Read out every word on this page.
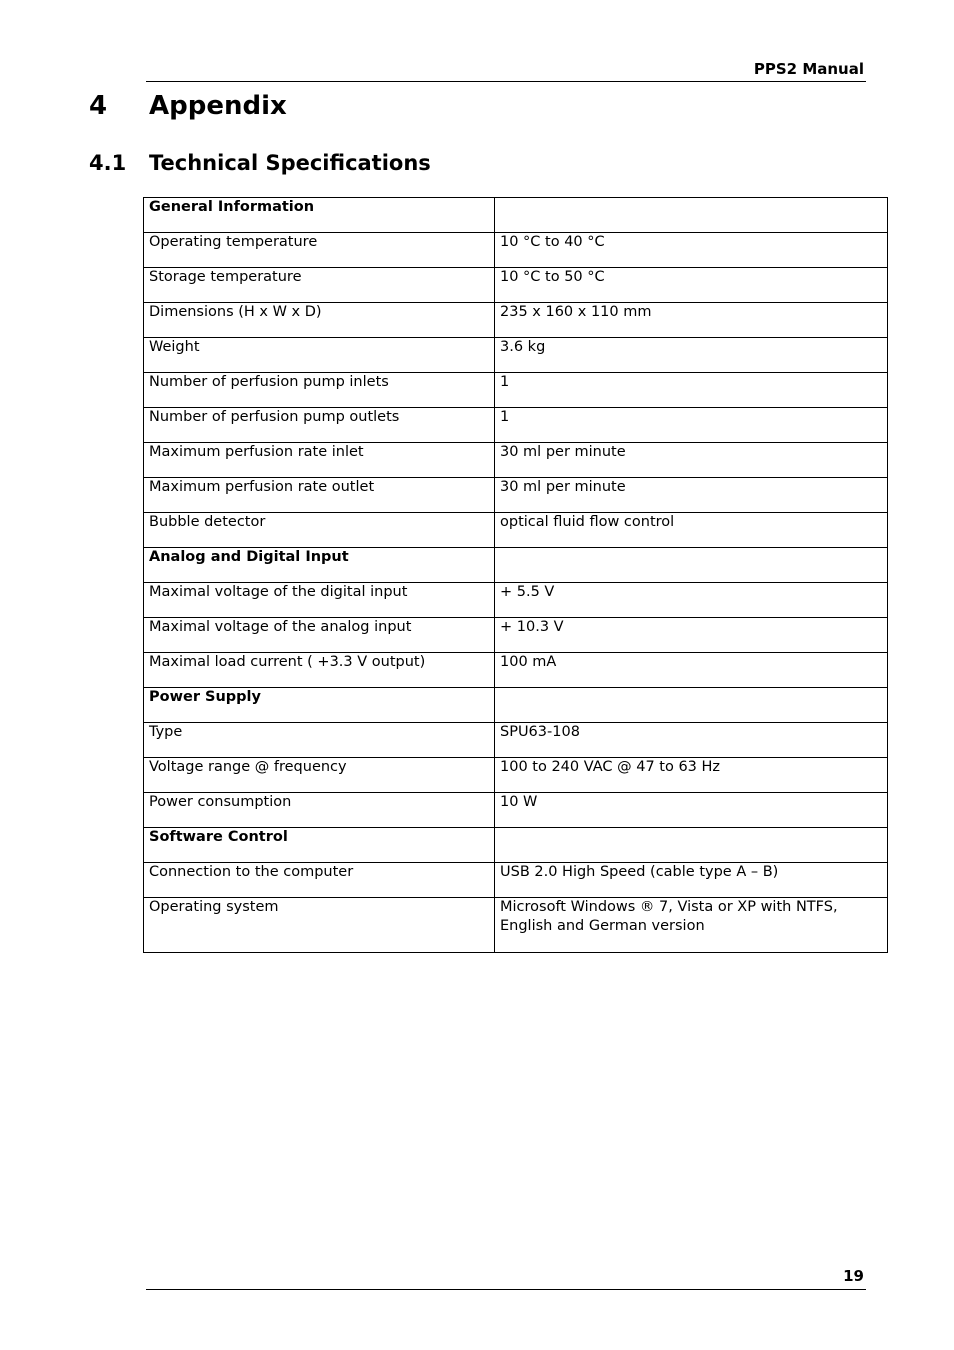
PPS2 Manual
4 Appendix
4.1 Technical Specifications
General Information	
Operating temperature	10 °C to 40 °C
Storage temperature	10 °C to 50 °C
Dimensions (H x W x D)	235 x 160 x 110 mm
Weight	3.6 kg
Number of perfusion pump inlets	1
Number of perfusion pump outlets	1
Maximum perfusion rate inlet	30 ml per minute
Maximum perfusion rate outlet	30 ml per minute
Bubble detector	optical fluid flow control
Analog and Digital Input	
Maximal voltage of the digital input	+ 5.5 V
Maximal voltage of the analog input	+ 10.3 V
Maximal load current ( +3.3 V output)	100 mA
Power Supply	
Type	SPU63-108
Voltage range @ frequency	100 to 240 VAC @ 47 to 63 Hz
Power consumption	10 W
Software Control	
Connection to the computer	USB 2.0 High Speed (cable type A – B)
Operating system	Microsoft Windows ® 7, Vista or XP with NTFS, English and German version
19
